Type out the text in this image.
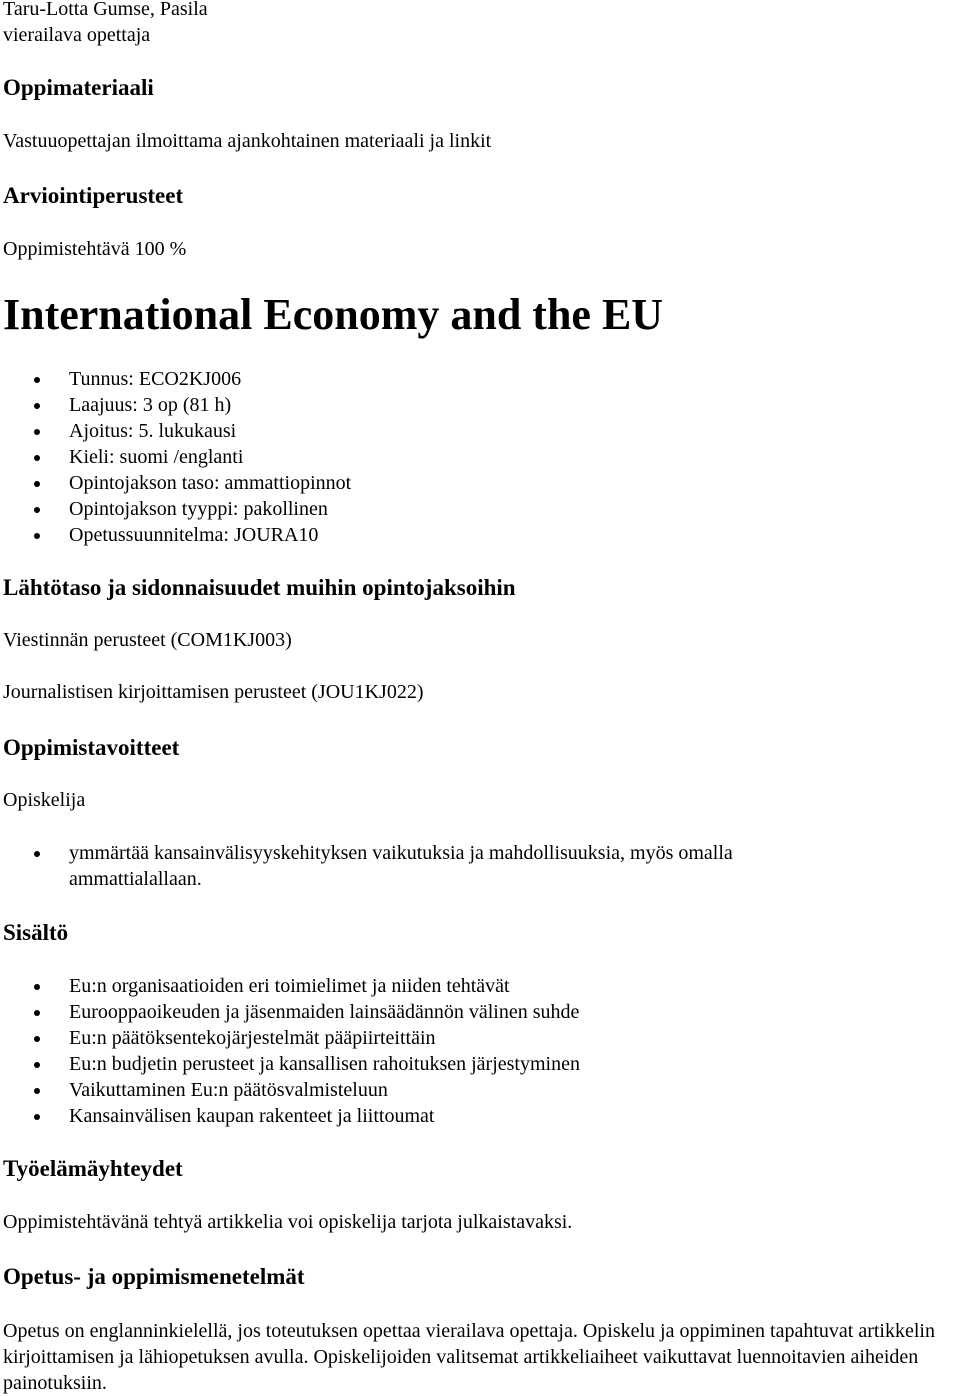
Taru-Lotta Gumse, Pasila

vierailava opettaja

Oppimateriaali

Vastuuopettajan ilmoittama ajankohtainen materiaali ja linkit

Arviointiperusteet

Oppimistehtävä 100 %

International Economy and the EU
Tunnus: ECO2KJ006
Laajuus: 3 op (81 h)
Ajoitus: 5. lukukausi
Kieli: suomi /englanti
Opintojakson taso: ammattiopinnot
Opintojakson tyyppi: pakollinen
Opetussuunnitelma: JOURA10
Lähtötaso ja sidonnaisuudet muihin opintojaksoihin

Viestinnän perusteet (COM1KJ003)

Journalistisen kirjoittamisen perusteet (JOU1KJ022)

Oppimistavoitteet

Opiskelija

ymmärtää kansainvälisyyskehityksen vaikutuksia ja mahdollisuuksia, myös omalla ammattialallaan.
Sisältö
Eu:n organisaatioiden eri toimielimet ja niiden tehtävät
Eurooppaoikeuden ja jäsenmaiden lainsäädännön välinen suhde
Eu:n päätöksentekojärjestelmät pääpiirteittäin
Eu:n budjetin perusteet ja kansallisen rahoituksen järjestyminen
Vaikuttaminen Eu:n päätösvalmisteluun
Kansainvälisen kaupan rakenteet ja liittoumat
Työelämäyhteydet

Oppimistehtävänä tehtyä artikkelia voi opiskelija tarjota julkaistavaksi.

Opetus- ja oppimismenetelmät

Opetus on englanninkielellä, jos toteutuksen opettaa vierailava opettaja. Opiskelu ja oppiminen tapahtuvat artikkelin kirjoittamisen ja lähiopetuksen avulla. Opiskelijoiden valitsemat artikkeliaiheet vaikuttavat luennoitavien aiheiden painotuksiin.
